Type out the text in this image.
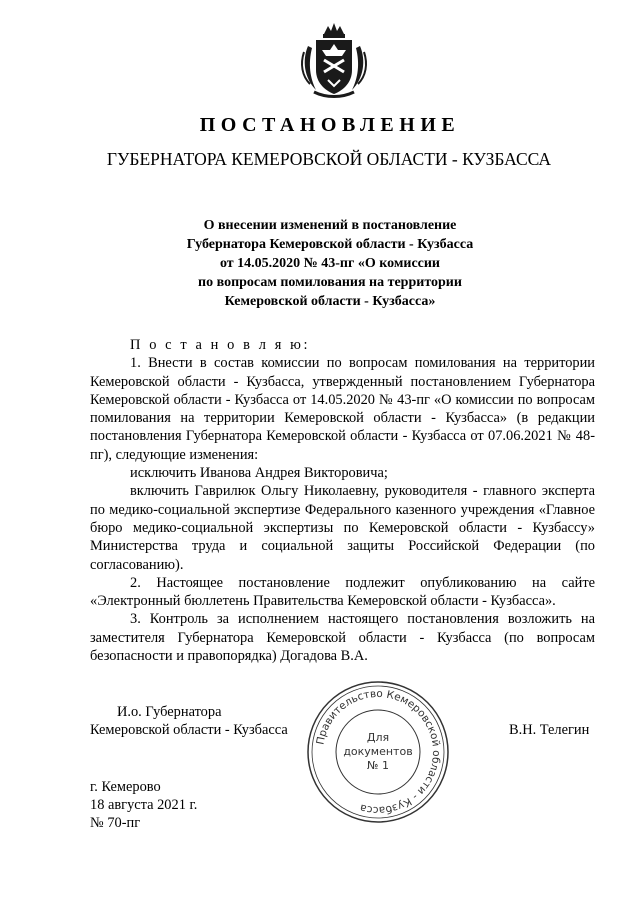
ПОСТАНОВЛЕНИЕ
ГУБЕРНАТОРА КЕМЕРОВСКОЙ ОБЛАСТИ - КУЗБАССА
О внесении изменений в постановление
Губернатора Кемеровской области - Кузбасса
от 14.05.2020 № 43-пг «О комиссии
по вопросам помилования на территории
Кемеровской области - Кузбасса»
П о с т а н о в л я ю:
1. Внести в состав комиссии по вопросам помилования на территории Кемеровской области - Кузбасса, утвержденный постановлением Губернатора Кемеровской области - Кузбасса от 14.05.2020 № 43-пг «О комиссии по вопросам помилования на территории Кемеровской области - Кузбасса» (в редакции постановления Губернатора Кемеровской области - Кузбасса от 07.06.2021 № 48-пг), следующие изменения:
исключить Иванова Андрея Викторовича;
включить Гаврилюк Ольгу Николаевну, руководителя - главного эксперта по медико-социальной экспертизе Федерального казенного учреждения «Главное бюро медико-социальной экспертизы по Кемеровской области - Кузбассу» Министерства труда и социальной защиты Российской Федерации (по согласованию).
2. Настоящее постановление подлежит опубликованию на сайте «Электронный бюллетень Правительства Кемеровской области - Кузбасса».
3. Контроль за исполнением настоящего постановления возложить на заместителя Губернатора Кемеровской области - Кузбасса (по вопросам безопасности и правопорядка) Догадова В.А.
И.о. Губернатора
Кемеровской области - Кузбасса	В.Н. Телегин
Правительство Кемеровской области - Кузбасса
Для
документов
№ 1
г. Кемерово
18 августа 2021 г.
№ 70-пг
